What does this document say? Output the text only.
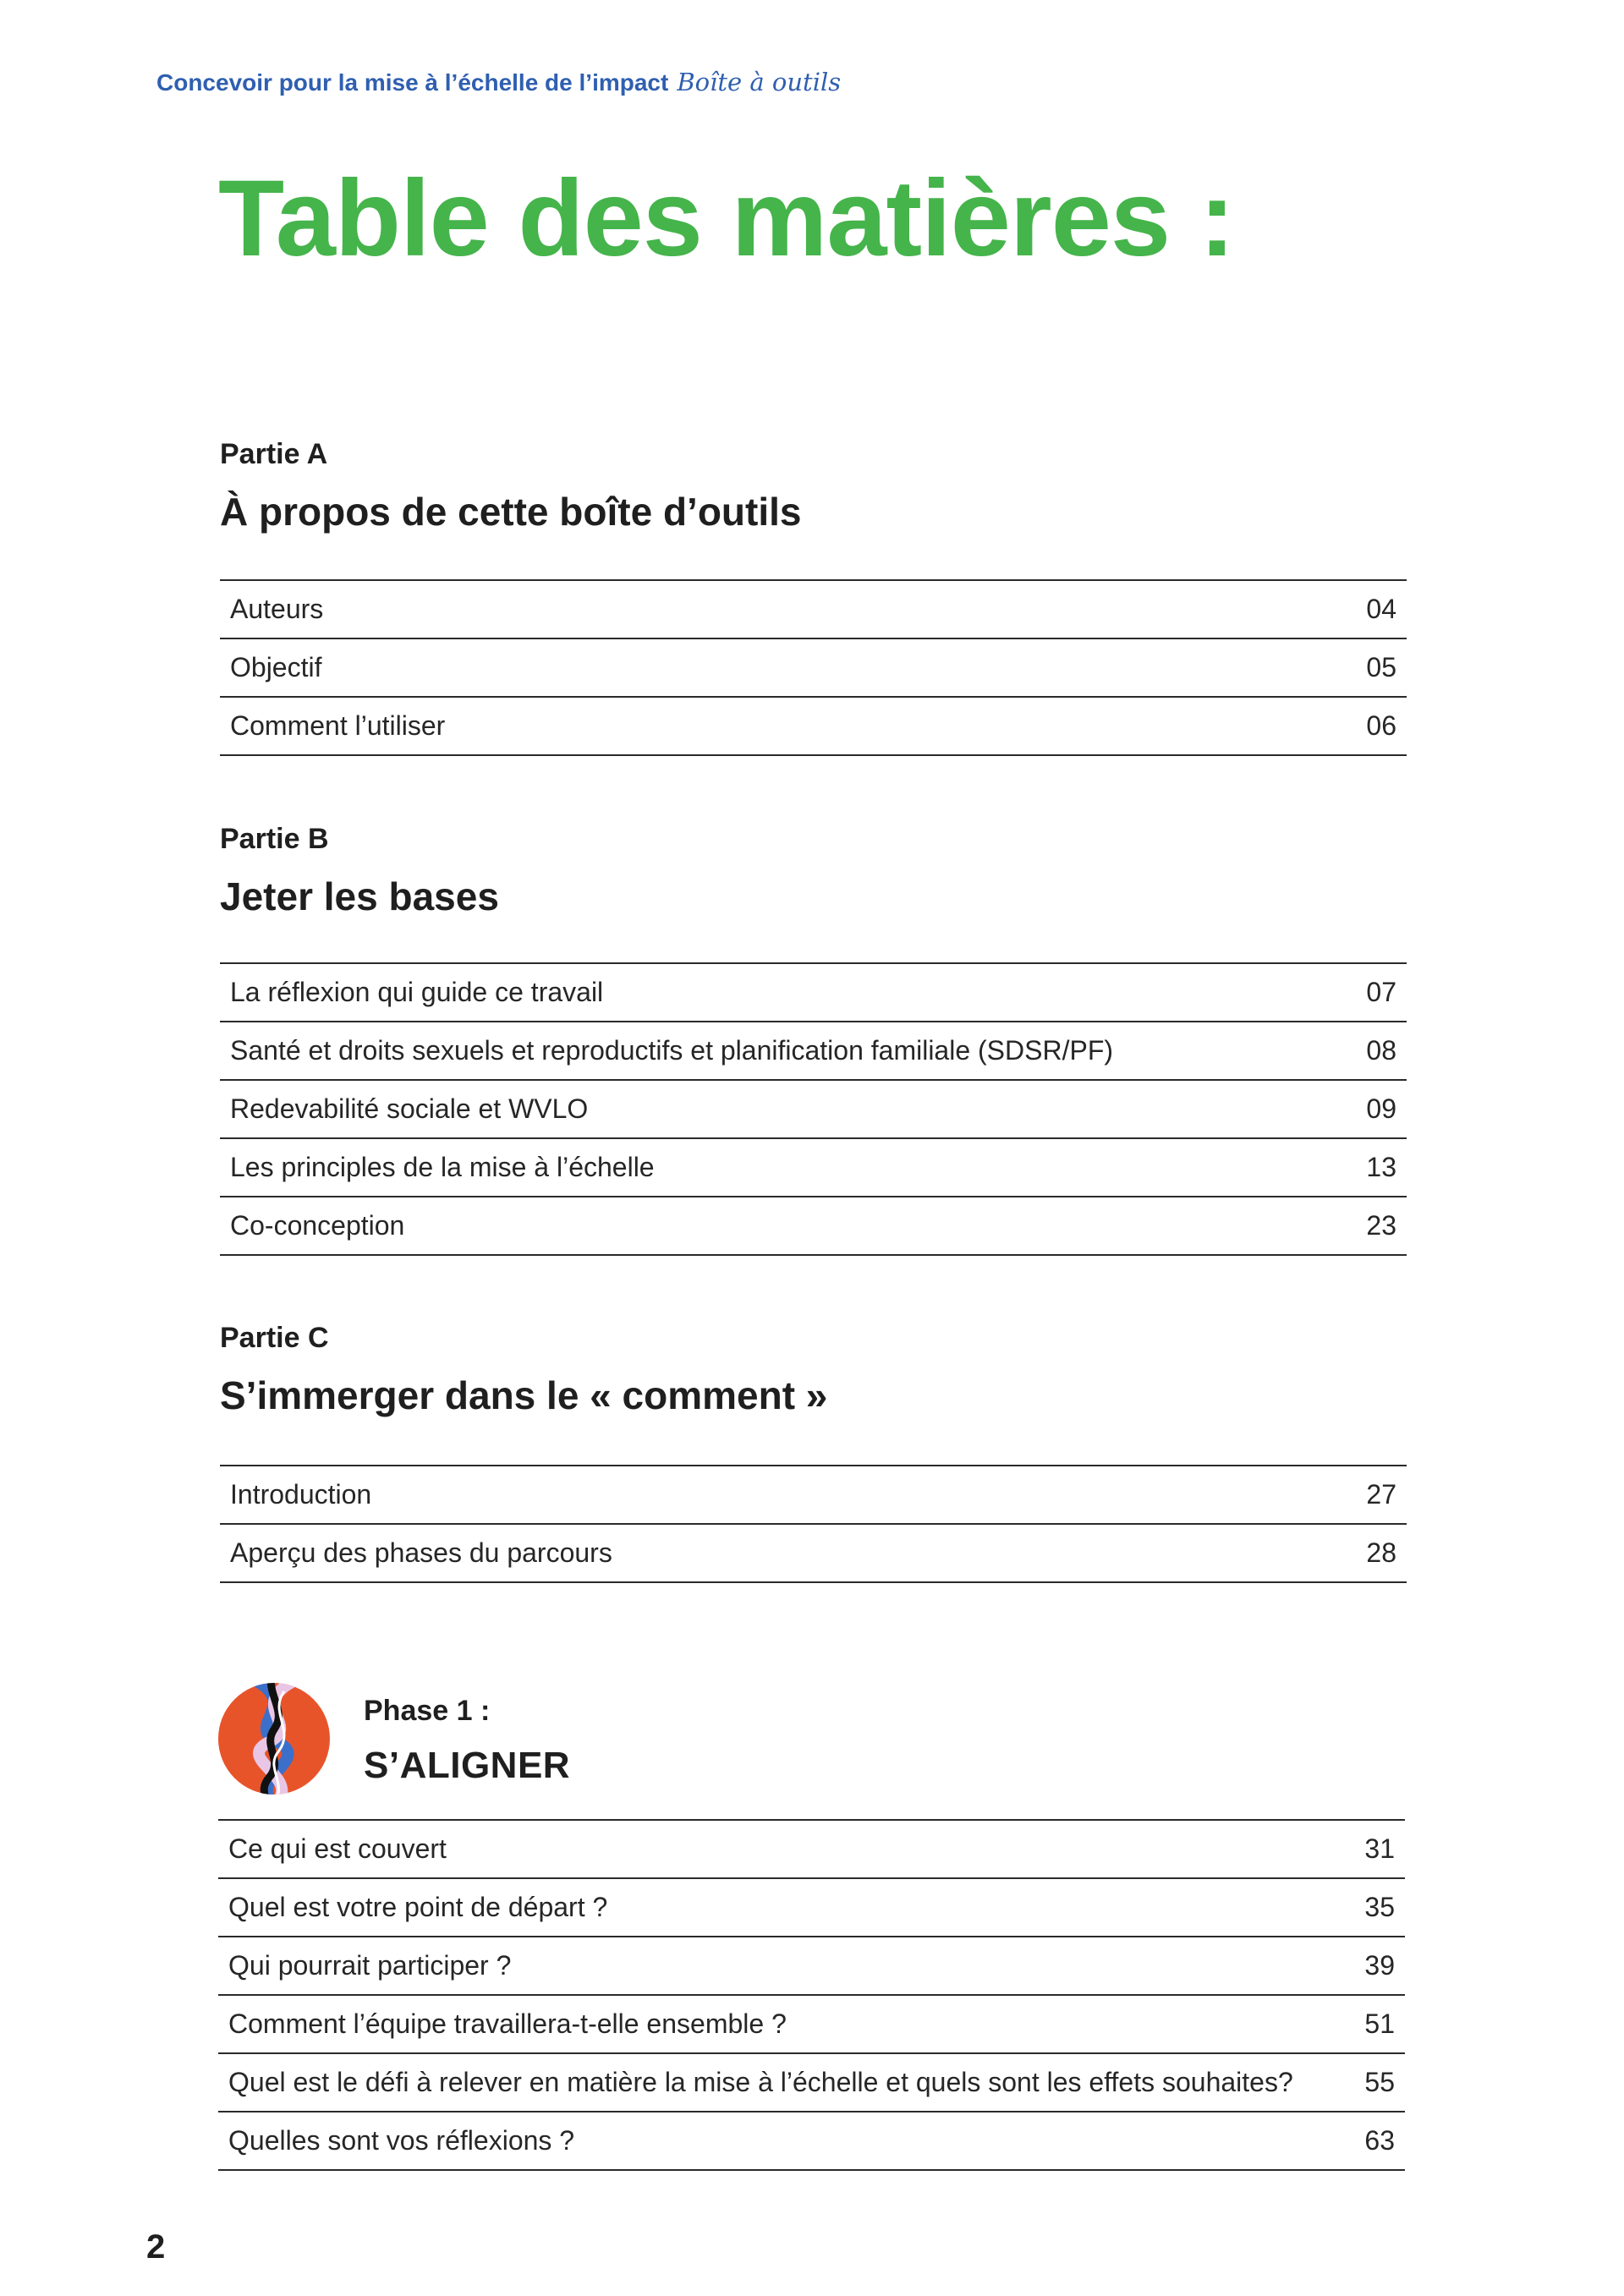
Concevoir pour la mise à l’échelle de l’impact Boîte à outils
Table des matières :
Partie A
À propos de cette boîte d’outils
Auteurs	04
Objectif	05
Comment l’utiliser	06
Partie B
Jeter les bases
La réflexion qui guide ce travail	07
Santé et droits sexuels et reproductifs et planification familiale (SDSR/PF)	08
Redevabilité sociale et WVLO	09
Les principles de la mise à l’échelle	13
Co-conception	23
Partie C
S’immerger dans le « comment »
Introduction	27
Aperçu des phases du parcours	28
Phase 1 :
S’ALIGNER
Ce qui est couvert	31
Quel est votre point de départ ?	35
Qui pourrait participer ?	39
Comment l’équipe travaillera-t-elle ensemble ?	51
Quel est le défi à relever en matière la mise à l’échelle et quels sont les effets souhaites?	55
Quelles sont vos réflexions ?	63
2
